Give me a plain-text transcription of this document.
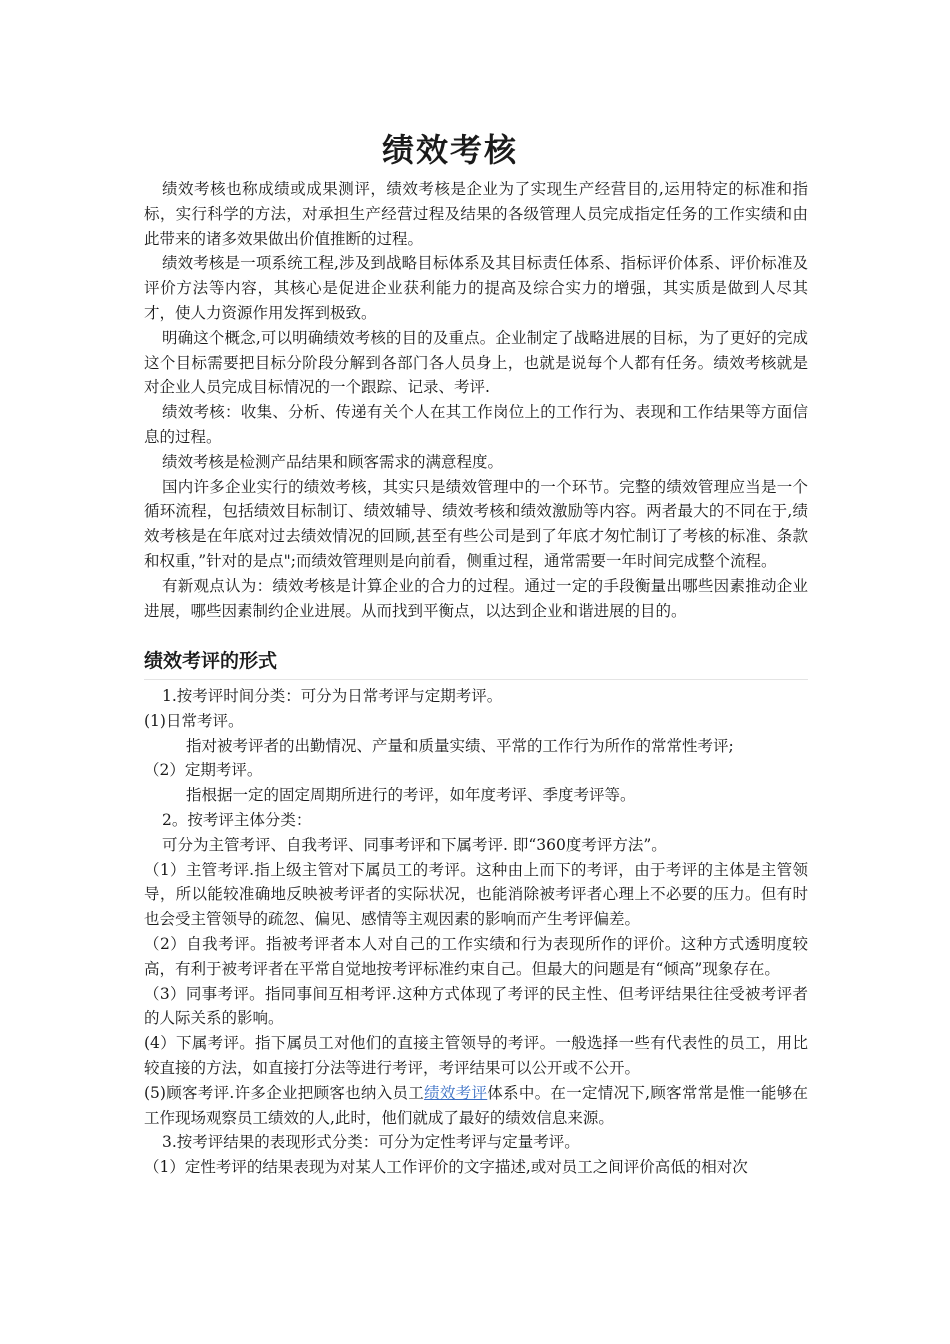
绩效考核

绩效考核也称成绩或成果测评，绩效考核是企业为了实现生产经营目的,运用特定的标准和指标，实行科学的方法，对承担生产经营过程及结果的各级管理人员完成指定任务的工作实绩和由此带来的诸多效果做出价值推断的过程。

绩效考核是一项系统工程,涉及到战略目标体系及其目标责任体系、指标评价体系、评价标准及评价方法等内容，其核心是促进企业获利能力的提高及综合实力的增强，其实质是做到人尽其才，使人力资源作用发挥到极致。

明确这个概念,可以明确绩效考核的目的及重点。企业制定了战略进展的目标，为了更好的完成这个目标需要把目标分阶段分解到各部门各人员身上，也就是说每个人都有任务。绩效考核就是对企业人员完成目标情况的一个跟踪、记录、考评.

绩效考核：收集、分析、传递有关个人在其工作岗位上的工作行为、表现和工作结果等方面信息的过程。

绩效考核是检测产品结果和顾客需求的满意程度。

国内许多企业实行的绩效考核，其实只是绩效管理中的一个环节。完整的绩效管理应当是一个循环流程，包括绩效目标制订、绩效辅导、绩效考核和绩效激励等内容。两者最大的不同在于,绩效考核是在年底对过去绩效情况的回顾,甚至有些公司是到了年底才匆忙制订了考核的标准、条款和权重，”针对的是点";而绩效管理则是向前看，侧重过程，通常需要一年时间完成整个流程。

有新观点认为：绩效考核是计算企业的合力的过程。通过一定的手段衡量出哪些因素推动企业进展，哪些因素制约企业进展。从而找到平衡点，以达到企业和谐进展的目的。

绩效考评的形式

1.按考评时间分类：可分为日常考评与定期考评。

(1)日常考评。

指对被考评者的出勤情况、产量和质量实绩、平常的工作行为所作的常常性考评;

（2）定期考评。

指根据一定的固定周期所进行的考评，如年度考评、季度考评等。

2。按考评主体分类：

可分为主管考评、自我考评、同事考评和下属考评. 即“360度考评方法”。

（1）主管考评.指上级主管对下属员工的考评。这种由上而下的考评，由于考评的主体是主管领导，所以能较准确地反映被考评者的实际状况，也能消除被考评者心理上不必要的压力。但有时也会受主管领导的疏忽、偏见、感情等主观因素的影响而产生考评偏差。

（2）自我考评。指被考评者本人对自己的工作实绩和行为表现所作的评价。这种方式透明度较高，有利于被考评者在平常自觉地按考评标准约束自己。但最大的问题是有“倾高”现象存在。

（3）同事考评。指同事间互相考评.这种方式体现了考评的民主性、但考评结果往往受被考评者的人际关系的影响。

(4）下属考评。指下属员工对他们的直接主管领导的考评。一般选择一些有代表性的员工，用比较直接的方法，如直接打分法等进行考评，考评结果可以公开或不公开。

(5)顾客考评.许多企业把顾客也纳入员工绩效考评体系中。在一定情况下,顾客常常是惟一能够在工作现场观察员工绩效的人,此时，他们就成了最好的绩效信息来源。

3.按考评结果的表现形式分类：可分为定性考评与定量考评。

（1）定性考评的结果表现为对某人工作评价的文字描述,或对员工之间评价高低的相对次
